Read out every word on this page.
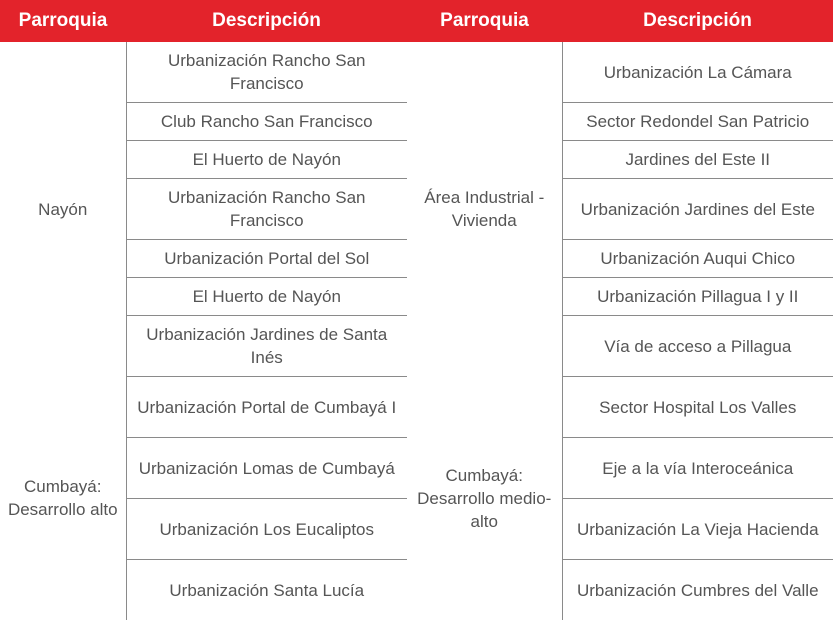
Parroquia	Descripción	Parroquia	Descripción
Nayón	Urbanización Rancho San Francisco	Área Industrial - Vivienda	Urbanización La Cámara
	Club Rancho San Francisco		Sector Redondel San Patricio
	El Huerto de Nayón		Jardines del Este II
	Urbanización Rancho San Francisco		Urbanización Jardines del Este
	Urbanización Portal del Sol		Urbanización Auqui Chico
	El Huerto de Nayón		Urbanización Pillagua I y II
	Urbanización Jardines de Santa Inés		Vía de acceso a Pillagua
Cumbayá: Desarrollo alto	Urbanización Portal de Cumbayá I	Cumbayá: Desarrollo medio-alto	Sector Hospital Los Valles
	Urbanización Lomas de Cumbayá		Eje a la vía Interoceánica
	Urbanización Los Eucaliptos		Urbanización La Vieja Hacienda
	Urbanización Santa Lucía		Urbanización Cumbres del Valle
